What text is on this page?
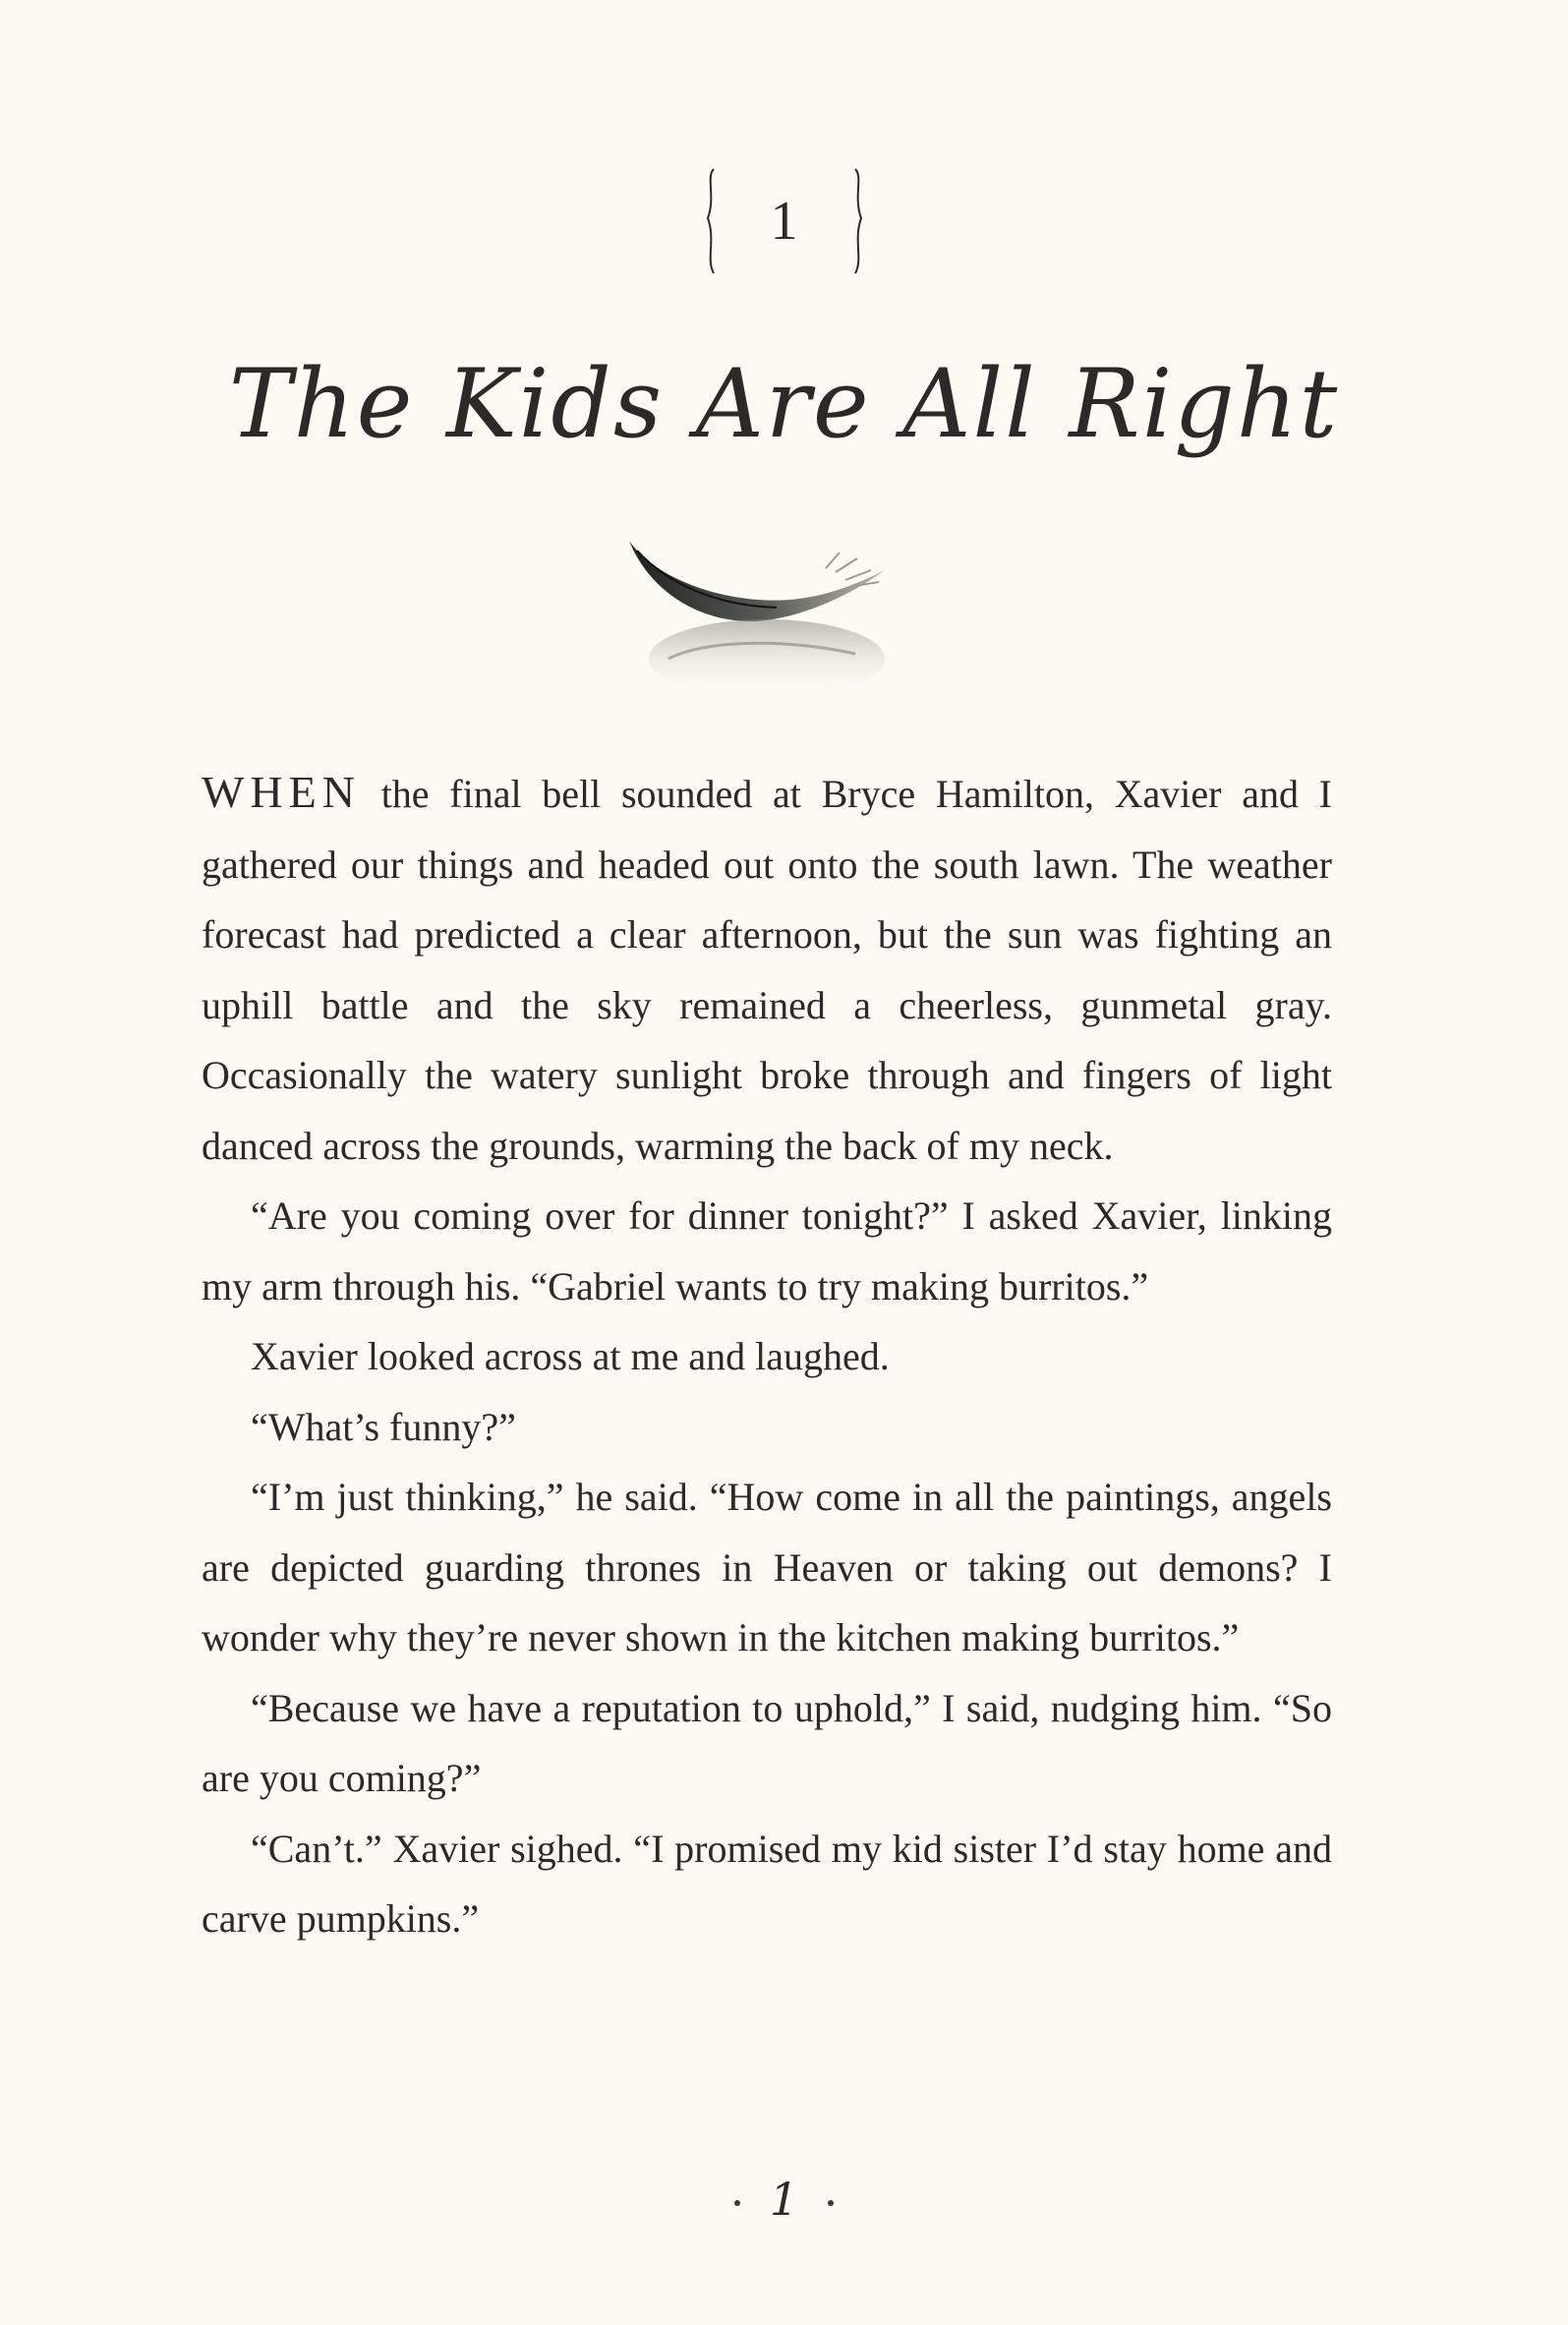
1
The Kids Are All Right

WHEN the final bell sounded at Bryce Hamilton, Xavier and I gathered our things and headed out onto the south lawn. The weather forecast had predicted a clear afternoon, but the sun was fighting an uphill battle and the sky remained a cheerless, gunmetal gray. Occasionally the watery sunlight broke through and fingers of light danced across the grounds, warming the back of my neck.

“Are you coming over for dinner tonight?” I asked Xavier, linking my arm through his. “Gabriel wants to try making burritos.”

Xavier looked across at me and laughed.

“What’s funny?”

“I’m just thinking,” he said. “How come in all the paintings, angels are depicted guarding thrones in Heaven or taking out demons? I wonder why they’re never shown in the kitchen making burritos.”

“Because we have a reputation to uphold,” I said, nudging him. “So are you coming?”

“Can’t.” Xavier sighed. “I promised my kid sister I’d stay home and carve pumpkins.”

1
